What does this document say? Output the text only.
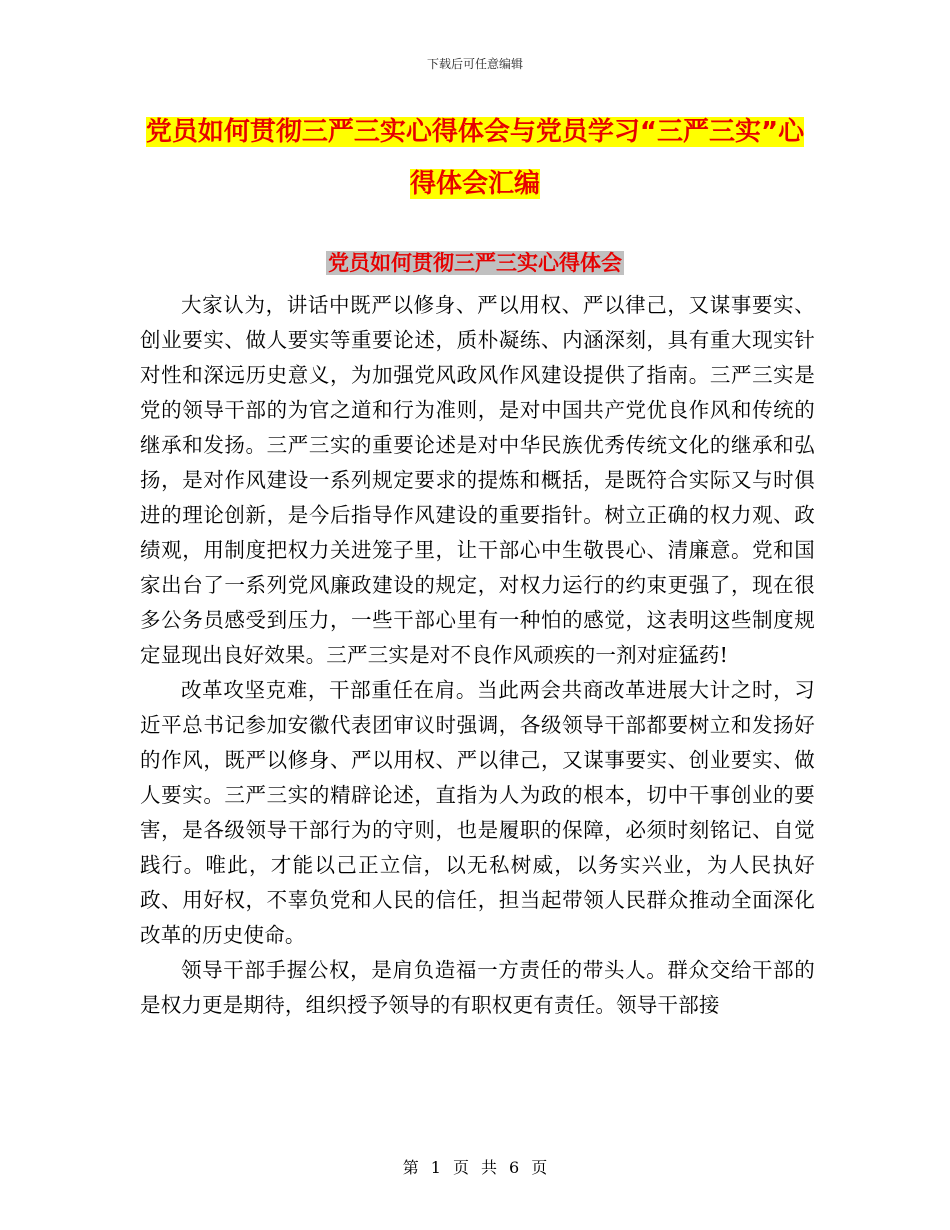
下载后可任意编辑
党员如何贯彻三严三实心得体会与党员学习“三严三实”心得体会汇编
党员如何贯彻三严三实心得体会

大家认为，讲话中既严以修身、严以用权、严以律己，又谋事要实、创业要实、做人要实等重要论述，质朴凝练、内涵深刻，具有重大现实针对性和深远历史意义，为加强党风政风作风建设提供了指南。三严三实是党的领导干部的为官之道和行为准则，是对中国共产党优良作风和传统的继承和发扬。三严三实的重要论述是对中华民族优秀传统文化的继承和弘扬，是对作风建设一系列规定要求的提炼和概括，是既符合实际又与时俱进的理论创新，是今后指导作风建设的重要指针。树立正确的权力观、政绩观，用制度把权力关进笼子里，让干部心中生敬畏心、清廉意。党和国家出台了一系列党风廉政建设的规定，对权力运行的约束更强了，现在很多公务员感受到压力，一些干部心里有一种怕的感觉，这表明这些制度规定显现出良好效果。三严三实是对不良作风顽疾的一剂对症猛药!

改革攻坚克难，干部重任在肩。当此两会共商改革进展大计之时，习近平总书记参加安徽代表团审议时强调，各级领导干部都要树立和发扬好的作风，既严以修身、严以用权、严以律己，又谋事要实、创业要实、做人要实。三严三实的精辟论述，直指为人为政的根本，切中干事创业的要害，是各级领导干部行为的守则，也是履职的保障，必须时刻铭记、自觉践行。唯此，才能以己正立信，以无私树威，以务实兴业，为人民执好政、用好权，不辜负党和人民的信任，担当起带领人民群众推动全面深化改革的历史使命。

领导干部手握公权，是肩负造福一方责任的带头人。群众交给干部的是权力更是期待，组织授予领导的有职权更有责任。领导干部接

第 1 页 共 6 页
